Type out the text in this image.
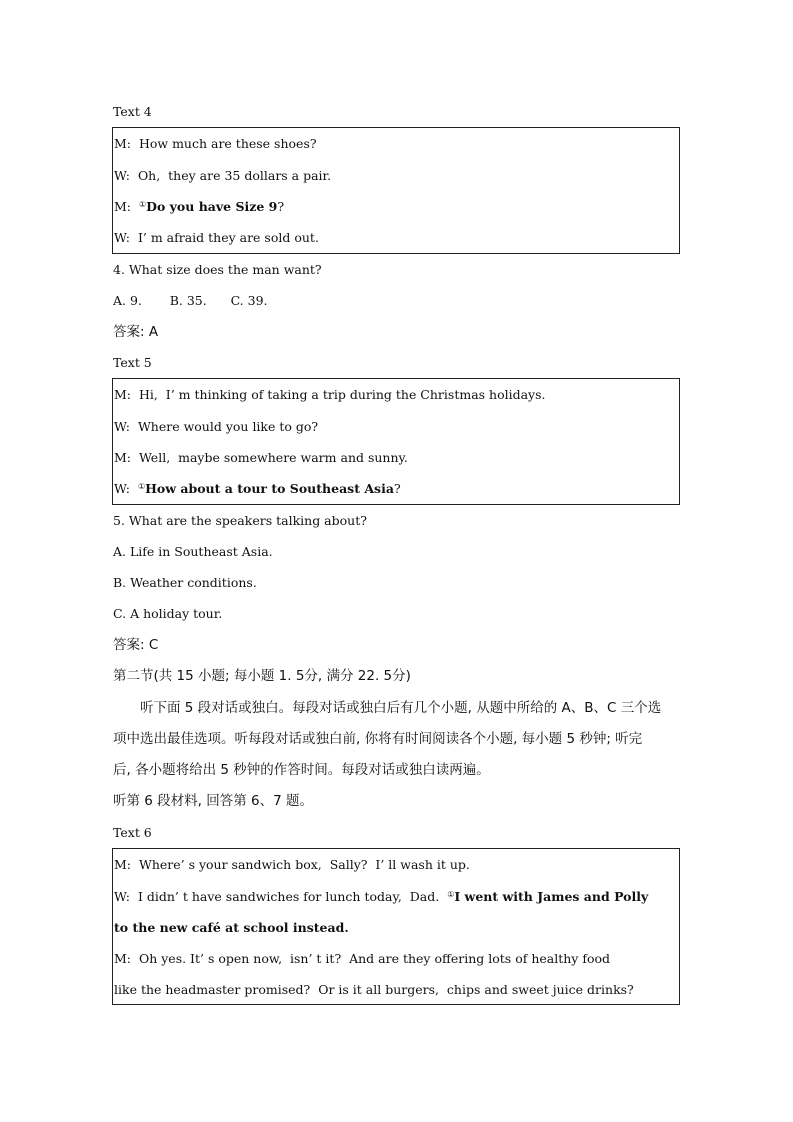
Text 4
M: How much are these shoes?
W: Oh,  they are 35 dollars a pair.
M: ①Do you have Size 9?
W: I’ m afraid they are sold out.
4. What size does the man want?
A. 9.       B. 35.      C. 39.
答案: A
Text 5
M: Hi,  I’ m thinking of taking a trip during the Christmas holidays.
W: Where would you like to go?
M: Well,  maybe somewhere warm and sunny.
W: ①How about a tour to Southeast Asia?
5. What are the speakers talking about?
A. Life in Southeast Asia.
B. Weather conditions.
C. A holiday tour.
答案: C
第二节(共 15 小题; 每小题 1. 5分, 满分 22. 5分)
听下面 5 段对话或独白。每段对话或独白后有几个小题, 从题中所给的 A、B、C 三个选
项中选出最佳选项。听每段对话或独白前, 你将有时间阅读各个小题, 每小题 5 秒钟; 听完
后, 各小题将给出 5 秒钟的作答时间。每段对话或独白读两遍。
听第 6 段材料, 回答第 6、7 题。
Text 6
M: Where’ s your sandwich box,  Sally?  I’ ll wash it up.
W: I didn’ t have sandwiches for lunch today,  Dad.  ①I went with James and Polly
to the new café at school instead.
M: Oh yes. It’ s open now,  isn’ t it?  And are they offering lots of healthy food
like the headmaster promised?  Or is it all burgers,  chips and sweet juice drinks?
